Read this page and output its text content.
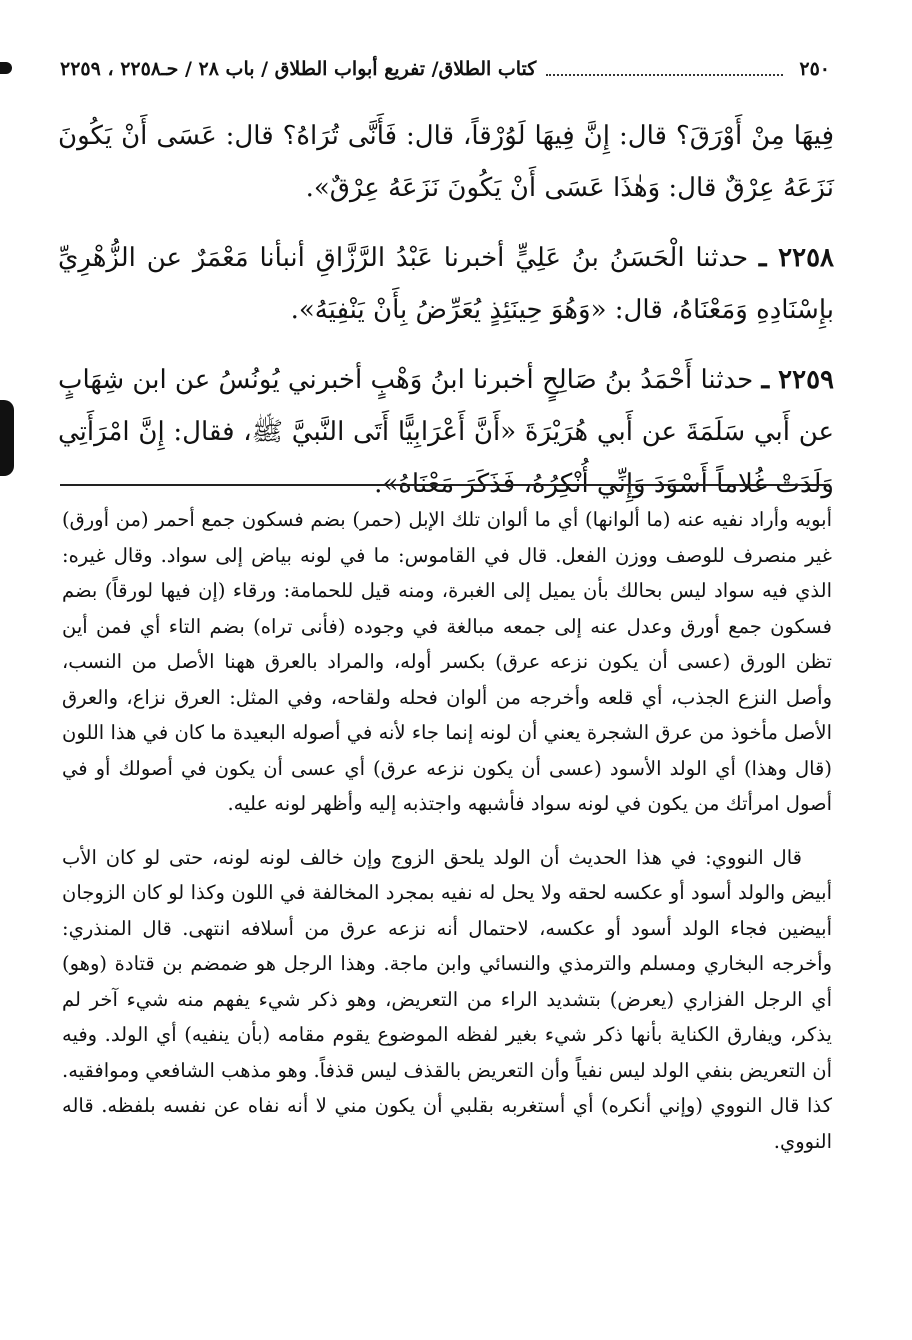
٢٥٠
كتاب الطلاق/ تفريع أبواب الطلاق / باب ٢٨ / حـ٢٢٥٨ ، ٢٢٥٩

فِيهَا مِنْ أَوْرَقَ؟ قال: إِنَّ فِيهَا لَوُرْقاً، قال: فَأَنَّى تُرَاهُ؟ قال: عَسَى أَنْ يَكُونَ نَزَعَهُ عِرْقٌ قال: وَهٰذَا عَسَى أَنْ يَكُونَ نَزَعَهُ عِرْقٌ».

٢٢٥٨ ـ حدثنا الْحَسَنُ بنُ عَلِيٍّ أخبرنا عَبْدُ الرَّزَّاقِ أنبأنا مَعْمَرٌ عن الزُّهْرِيِّ بإِسْنَادِهِ وَمَعْنَاهُ، قال: «وَهُوَ حِينَئِذٍ يُعَرِّضُ بِأَنْ يَنْفِيَهُ».

٢٢٥٩ ـ حدثنا أَحْمَدُ بنُ صَالِحٍ أخبرنا ابنُ وَهْبٍ أخبرني يُونُسُ عن ابن شِهَابٍ عن أَبي سَلَمَةَ عن أَبي هُرَيْرَةَ «أَنَّ أَعْرَابِيًّا أَتَى النَّبيَّ ﷺ، فقال: إِنَّ امْرَأَتِي وَلَدَتْ غُلاماً أَسْوَدَ وَإِنِّي أُنْكِرُهُ، فَذَكَرَ مَعْنَاهُ».

أبويه وأراد نفيه عنه (ما ألوانها) أي ما ألوان تلك الإبل (حمر) بضم فسكون جمع أحمر (من أورق) غير منصرف للوصف ووزن الفعل. قال في القاموس: ما في لونه بياض إلى سواد. وقال غيره: الذي فيه سواد ليس بحالك بأن يميل إلى الغبرة، ومنه قيل للحمامة: ورقاء (إن فيها لورقاً) بضم فسكون جمع أورق وعدل عنه إلى جمعه مبالغة في وجوده (فأنى تراه) بضم التاء أي فمن أين تظن الورق (عسى أن يكون نزعه عرق) بكسر أوله، والمراد بالعرق ههنا الأصل من النسب، وأصل النزع الجذب، أي قلعه وأخرجه من ألوان فحله ولقاحه، وفي المثل: العرق نزاع، والعرق الأصل مأخوذ من عرق الشجرة يعني أن لونه إنما جاء لأنه في أصوله البعيدة ما كان في هذا اللون (قال وهذا) أي الولد الأسود (عسى أن يكون نزعه عرق) أي عسى أن يكون في أصولك أو في أصول امرأتك من يكون في لونه سواد فأشبهه واجتذبه إليه وأظهر لونه عليه.

قال النووي: في هذا الحديث أن الولد يلحق الزوج وإن خالف لونه لونه، حتى لو كان الأب أبيض والولد أسود أو عكسه لحقه ولا يحل له نفيه بمجرد المخالفة في اللون وكذا لو كان الزوجان أبيضين فجاء الولد أسود أو عكسه، لاحتمال أنه نزعه عرق من أسلافه انتهى. قال المنذري: وأخرجه البخاري ومسلم والترمذي والنسائي وابن ماجة. وهذا الرجل هو ضمضم بن قتادة (وهو) أي الرجل الفزاري (يعرض) بتشديد الراء من التعريض، وهو ذكر شيء يفهم منه شيء آخر لم يذكر، ويفارق الكناية بأنها ذكر شيء بغير لفظه الموضوع يقوم مقامه (بأن ينفيه) أي الولد. وفيه أن التعريض بنفي الولد ليس نفياً وأن التعريض بالقذف ليس قذفاً. وهو مذهب الشافعي وموافقيه. كذا قال النووي (وإني أنكره) أي أستغربه بقلبي أن يكون مني لا أنه نفاه عن نفسه بلفظه. قاله النووي.
